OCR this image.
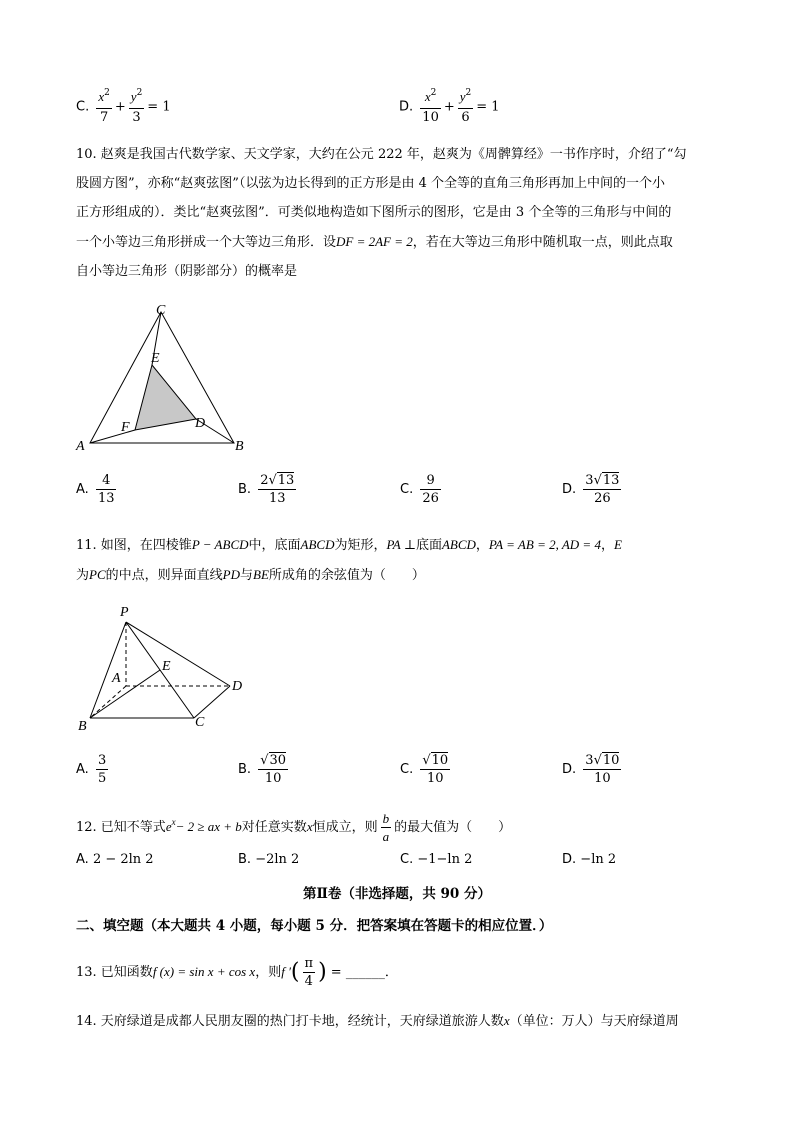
C. $\frac{x^2}{7} + \frac{y^2}{3} = 1$	D. $\frac{x^2}{10} + \frac{y^2}{6} = 1$
10. 赵爽是我国古代数学家、天文学家，大约在公元 222 年，赵爽为《周髀算经》一书作序时，介绍了“勾
股圆方图”，亦称“赵爽弦图”（以弦为边长得到的正方形是由 4 个全等的直角三角形再加上中间的一个小
正方形组成的）．类比“赵爽弦图”．可类似地构造如下图所示的图形，它是由 3 个全等的三角形与中间的
一个小等边三角形拼成一个大等边三角形．设DF = 2AF = 2，若在大等边三角形中随机取一点，则此点取
自小等边三角形（阴影部分）的概率是
C
E
D
F
A	B
A. $\frac{4}{13}$	B. $\frac{2√13}{13}$	C. $\frac{9}{26}$	D. $\frac{3√13}{26}$
11. 如图，在四棱锥P − ABCD中，底面ABCD为矩形，PA ⊥底面ABCD，PA = AB = 2, AD = 4，E
为PC的中点，则异面直线PD与BE所成角的余弦值为（　　）
P
E
A
D
B	C
A. $\frac{3}{5}$	B. $\frac{√30}{10}$	C. $\frac{√10}{10}$	D. $\frac{3√10}{10}$
12. 已知不等式$e^x- 2$ ≥ ax + b对任意实数x恒成立，则 $\frac{b}{a}$ 的最大值为（　　）
A. 2 − 2ln 2	B. −2ln 2	C. −1−ln 2	D. −ln 2
第Ⅱ卷（非选择题，共 90 分）
二、填空题（本大题共 4 小题，每小题 5 分．把答案填在答题卡的相应位置．）
13. 已知函数f (x) = sin x + cos x，则f ′( $\frac{\pi}{4}$ ) = ______．
14. 天府绿道是成都人民朋友圈的热门打卡地，经统计，天府绿道旅游人数x（单位：万人）与天府绿道周
